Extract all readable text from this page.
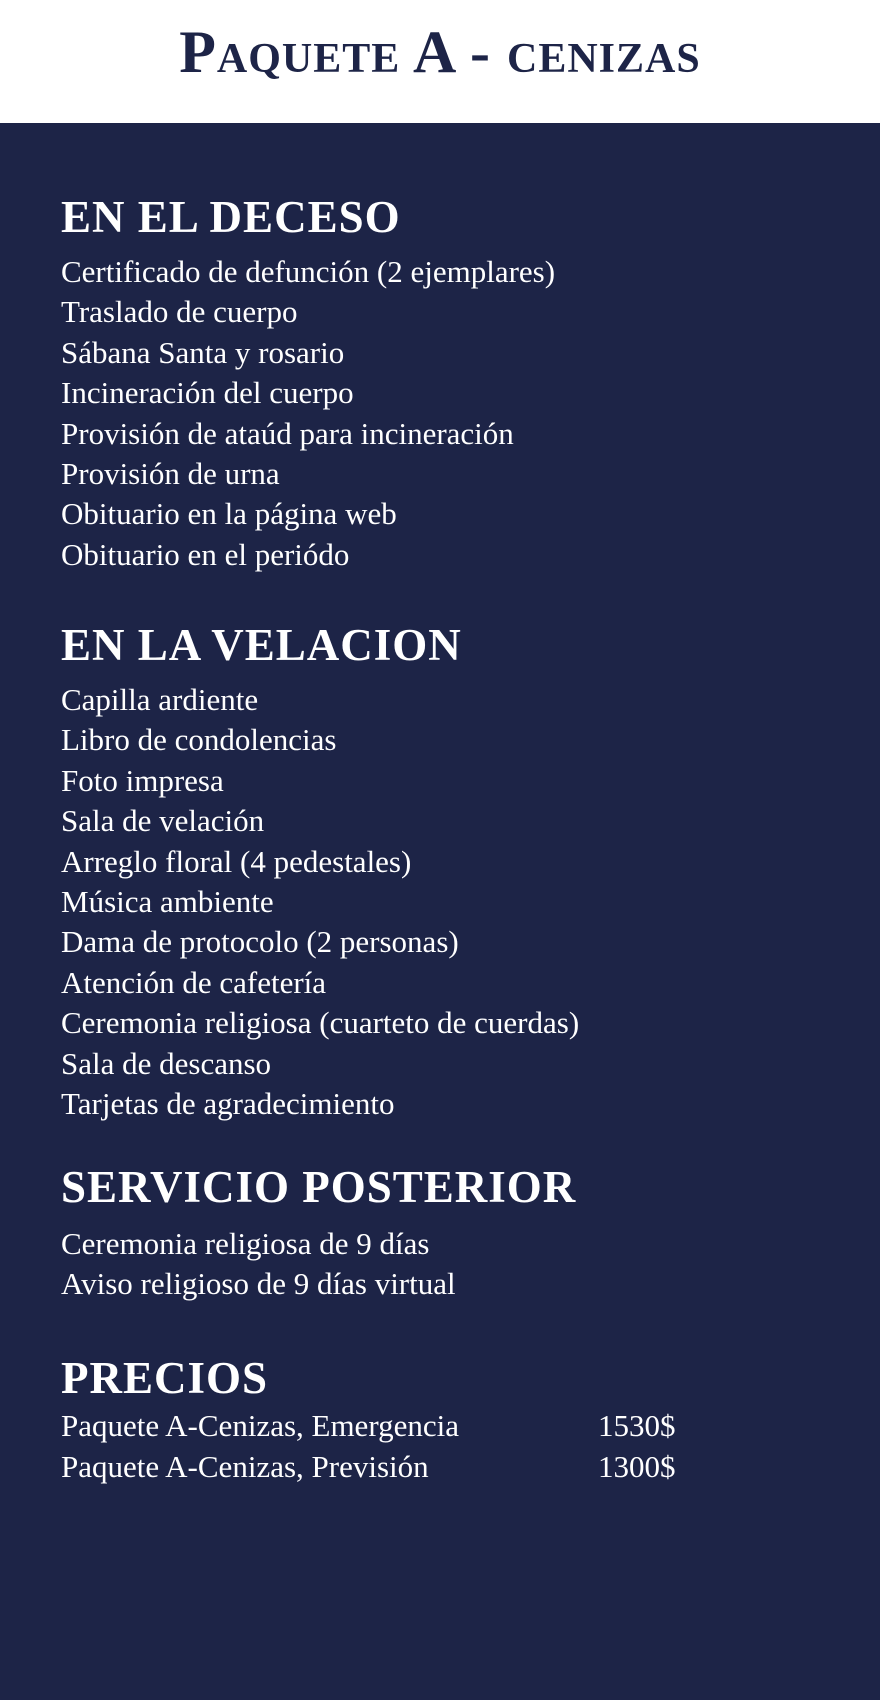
Paquete A - cenizas
EN EL DECESO
Certificado de defunción (2 ejemplares)
Traslado de cuerpo
Sábana Santa y rosario
Incineración del cuerpo
Provisión de ataúd para incineración
Provisión de urna
Obituario en la página web
Obituario en el periódo
EN LA VELACION
Capilla ardiente
Libro de condolencias
Foto impresa
Sala de velación
Arreglo floral (4 pedestales)
Música ambiente
Dama de protocolo (2 personas)
Atención de cafetería
Ceremonia religiosa (cuarteto de cuerdas)
Sala de descanso
Tarjetas de agradecimiento
SERVICIO POSTERIOR
Ceremonia religiosa de 9 días
Aviso religioso de 9 días virtual
PRECIOS
Paquete A-Cenizas, Emergencia	1530$
Paquete A-Cenizas, Previsión	1300$
